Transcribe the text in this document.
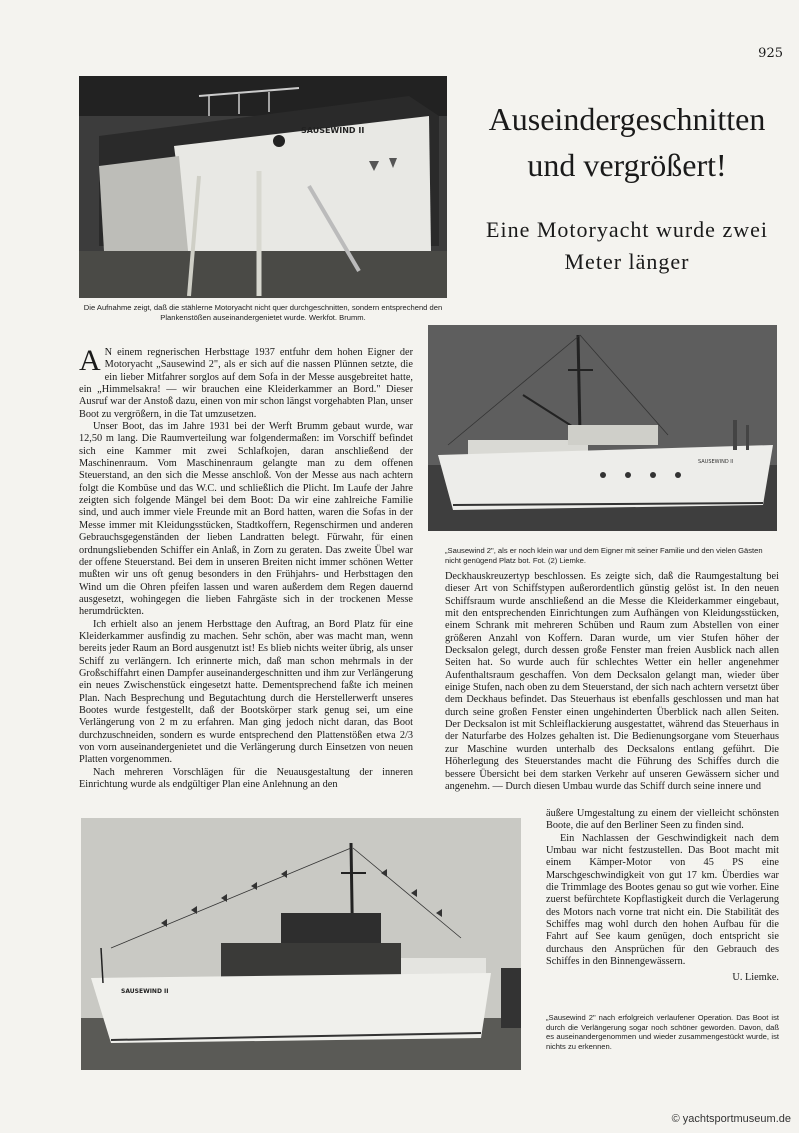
925
SAUSEWIND II
Die Aufnahme zeigt, daß die stählerne Motoryacht nicht quer durchgeschnitten, sondern entsprechend den Plankenstößen auseinandergenietet wurde. Werkfot. Brumm.
Auseindergeschnitten und vergrößert!
Eine Motoryacht wurde zwei Meter länger
SAUSEWIND II
„Sausewind 2", als er noch klein war und dem Eigner mit seiner Familie und den vielen Gästen nicht genügend Platz bot. Fot. (2) Liemke.

A N einem regnerischen Herbsttage 1937 entfuhr dem hohen Eigner der Motoryacht „Sausewind 2", als er sich auf die nassen Plünnen setzte, die ein lieber Mitfahrer sorglos auf dem Sofa in der Messe ausgebreitet hatte, ein „Himmelsakra! — wir brauchen eine Kleiderkammer an Bord." Dieser Ausruf war der Anstoß dazu, einen von mir schon längst vorgehabten Plan, unser Boot zu vergrößern, in die Tat umzusetzen.

Unser Boot, das im Jahre 1931 bei der Werft Brumm gebaut wurde, war 12,50 m lang. Die Raumverteilung war folgendermaßen: im Vorschiff befindet sich eine Kammer mit zwei Schlafkojen, daran anschließend der Maschinenraum. Vom Maschinenraum gelangte man zu dem offenen Steuerstand, an den sich die Messe anschloß. Von der Messe aus nach achtern folgt die Kombüse und das W.C. und schließlich die Plicht. Im Laufe der Jahre zeigten sich folgende Mängel bei dem Boot: Da wir eine zahlreiche Familie sind, und auch immer viele Freunde mit an Bord hatten, waren die Sofas in der Messe immer mit Kleidungsstücken, Stadtkoffern, Regenschirmen und anderen Gebrauchsgegenständen der lieben Landratten belegt. Fürwahr, für einen ordnungsliebenden Schiffer ein Anlaß, in Zorn zu geraten. Das zweite Übel war der offene Steuerstand. Bei dem in unseren Breiten nicht immer schönen Wetter mußten wir uns oft genug besonders in den Frühjahrs- und Herbsttagen den Wind um die Ohren pfeifen lassen und waren außerdem dem Regen dauernd ausgesetzt, wohingegen die lieben Fahrgäste sich in der trockenen Messe herumdrückten.

Ich erhielt also an jenem Herbsttage den Auftrag, an Bord Platz für eine Kleiderkammer ausfindig zu machen. Sehr schön, aber was macht man, wenn bereits jeder Raum an Bord ausgenutzt ist! Es blieb nichts weiter übrig, als unser Schiff zu verlängern. Ich erinnerte mich, daß man schon mehrmals in der Großschiffahrt einen Dampfer auseinandergeschnitten und ihm zur Verlängerung ein neues Zwischenstück eingesetzt hatte. Dementsprechend faßte ich meinen Plan. Nach Besprechung und Begutachtung durch die Herstellerwerft unseres Bootes wurde festgestellt, daß der Bootskörper stark genug sei, um eine Verlängerung von 2 m zu erfahren. Man ging jedoch nicht daran, das Boot durchzuschneiden, sondern es wurde entsprechend den Plattenstößen etwa 2/3 von vorn auseinandergenietet und die Verlängerung durch Einsetzen von neuen Platten vorgenommen.

Nach mehreren Vorschlägen für die Neuausgestaltung der inneren Einrichtung wurde als endgültiger Plan eine Anlehnung an den

Deckhauskreuzertyp beschlossen. Es zeigte sich, daß die Raumgestaltung bei dieser Art von Schiffstypen außerordentlich günstig gelöst ist. In den neuen Schiffsraum wurde anschließend an die Messe die Kleiderkammer eingebaut, mit den entsprechenden Einrichtungen zum Aufhängen von Kleidungsstücken, einem Schrank mit mehreren Schüben und Raum zum Abstellen von einer größeren Anzahl von Koffern. Daran wurde, um vier Stufen höher der Decksalon gelegt, durch dessen große Fenster man freien Ausblick nach allen Seiten hat. So wurde auch für schlechtes Wetter ein heller angenehmer Aufenthaltsraum geschaffen. Von dem Decksalon gelangt man, wieder über einige Stufen, nach oben zu dem Steuerstand, der sich nach achtern versetzt über dem Deckhaus befindet. Das Steuerhaus ist ebenfalls geschlossen und man hat durch seine großen Fenster einen ungehinderten Überblick nach allen Seiten. Der Decksalon ist mit Schleiflackierung ausgestattet, während das Steuerhaus in der Naturfarbe des Holzes gehalten ist. Die Bedienungsorgane vom Steuerhaus zur Maschine wurden unterhalb des Decksalons entlang geführt. Die Höherlegung des Steuerstandes macht die Führung des Schiffes durch die bessere Übersicht bei dem starken Verkehr auf unseren Gewässern sicher und angenehm. — Durch diesen Umbau wurde das Schiff durch seine innere und

SAUSEWIND II

äußere Umgestaltung zu einem der vielleicht schönsten Boote, die auf den Berliner Seen zu finden sind.

Ein Nachlassen der Geschwindigkeit nach dem Umbau war nicht festzustellen. Das Boot macht mit einem Kämper-Motor von 45 PS eine Marschgeschwindigkeit von gut 17 km. Überdies war die Trimmlage des Bootes genau so gut wie vorher. Eine zuerst befürchtete Kopflastigkeit durch die Verlagerung des Motors nach vorne trat nicht ein. Die Stabilität des Schiffes mag wohl durch den hohen Aufbau für die Fahrt auf See kaum genügen, doch entspricht sie durchaus den Ansprüchen für den Gebrauch des Schiffes in den Binnengewässern.

U. Liemke.
„Sausewind 2" nach erfolgreich verlaufener Operation. Das Boot ist durch die Verlängerung sogar noch schöner geworden. Davon, daß es auseinandergenommen und wieder zusammengestückt wurde, ist nichts zu erkennen.
© yachtsportmuseum.de
